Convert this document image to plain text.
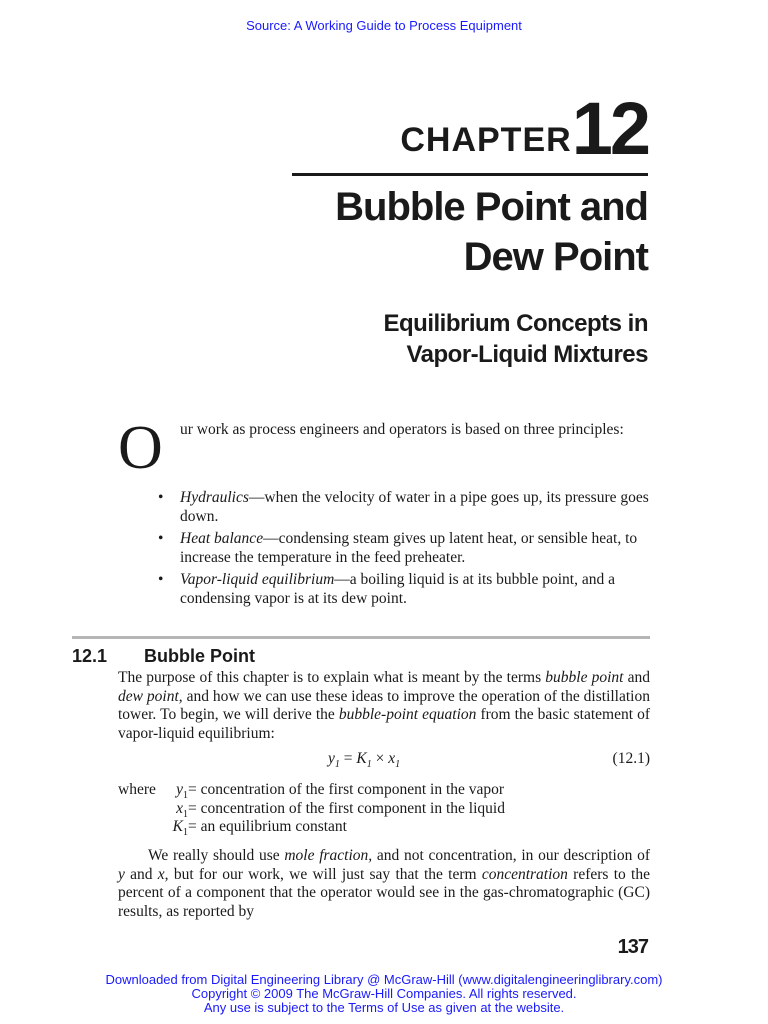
Source: A Working Guide to Process Equipment
CHAPTER 12
Bubble Point and
Dew Point
Equilibrium Concepts in
Vapor-Liquid Mixtures
O ur work as process engineers and operators is based on three principles:
• Hydraulics—when the velocity of water in a pipe goes up, its pressure goes down.
• Heat balance—condensing steam gives up latent heat, or sensible heat, to increase the temperature in the feed preheater.
• Vapor-liquid equilibrium—a boiling liquid is at its bubble point, and a condensing vapor is at its dew point.
12.1 Bubble Point
The purpose of this chapter is to explain what is meant by the terms bubble point and dew point, and how we can use these ideas to improve the operation of the distillation tower. To begin, we will derive the bubble-point equation from the basic statement of vapor-liquid equilibrium:
$y_1 = K_1 \times x_1$	(12.1)
where $y_1$ = concentration of the first component in the vapor
$x_1$ = concentration of the first component in the liquid
$K_1$ = an equilibrium constant
We really should use mole fraction, and not concentration, in our description of y and x, but for our work, we will just say that the term concentration refers to the percent of a component that the operator would see in the gas-chromatographic (GC) results, as reported by
137
Downloaded from Digital Engineering Library @ McGraw-Hill (www.digitalengineeringlibrary.com)
Copyright © 2009 The McGraw-Hill Companies. All rights reserved.
Any use is subject to the Terms of Use as given at the website.
